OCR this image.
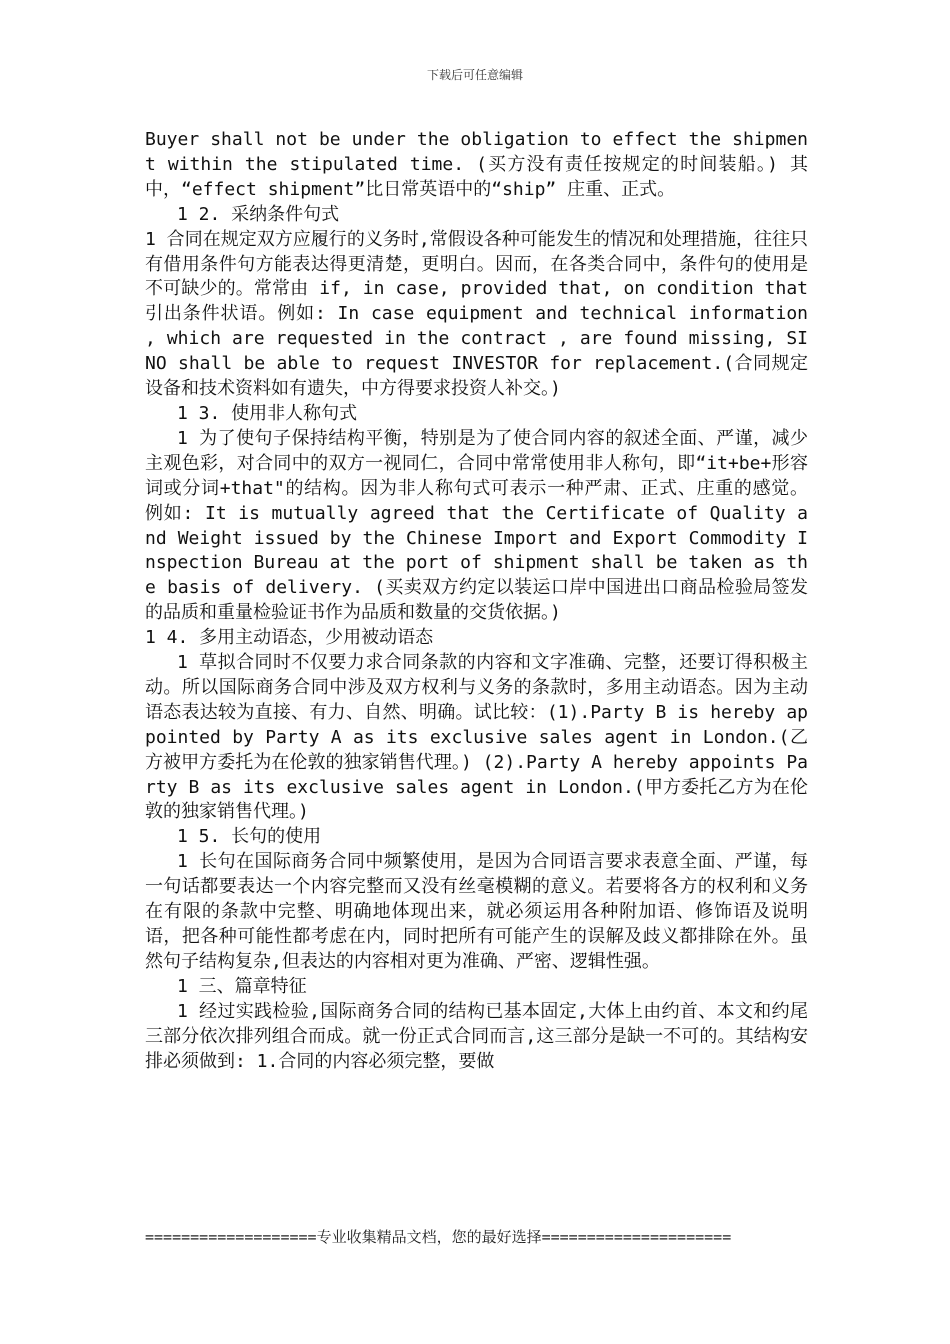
下载后可任意编辑

Buyer shall not be under the obligation to effect the shipment within the stipulated time. (买方没有责任按规定的时间装船。) 其中，“effect shipment”比日常英语中的“ship” 庄重、正式。

1 2. 采纳条件句式

1 合同在规定双方应履行的义务时,常假设各种可能发生的情况和处理措施，往往只有借用条件句方能表达得更清楚，更明白。因而，在各类合同中，条件句的使用是不可缺少的。常常由 if, in case, provided that, on condition that引出条件状语。例如: In case equipment and technical information , which are requested in the contract , are found missing, SINO shall be able to request INVESTOR for replacement.(合同规定设备和技术资料如有遗失，中方得要求投资人补交。)

1 3. 使用非人称句式

1 为了使句子保持结构平衡，特别是为了使合同内容的叙述全面、严谨，减少主观色彩，对合同中的双方一视同仁，合同中常常使用非人称句，即“it+be+形容词或分词+that"的结构。因为非人称句式可表示一种严肃、正式、庄重的感觉。 例如: It is mutually agreed that the Certificate of Quality and Weight issued by the Chinese Import and Export Commodity Inspection Bureau at the port of shipment shall be taken as the basis of delivery. (买卖双方约定以装运口岸中国进出口商品检验局签发的品质和重量检验证书作为品质和数量的交货依据。)

1 4. 多用主动语态，少用被动语态

1 草拟合同时不仅要力求合同条款的内容和文字准确、完整，还要订得积极主动。所以国际商务合同中涉及双方权利与义务的条款时，多用主动语态。因为主动语态表达较为直接、有力、自然、明确。试比较：(1).Party B is hereby appointed by Party A as its exclusive sales agent in London.(乙方被甲方委托为在伦敦的独家销售代理。) (2).Party A hereby appoints Party B as its exclusive sales agent in London.(甲方委托乙方为在伦敦的独家销售代理。)

1 5. 长句的使用

1 长句在国际商务合同中频繁使用，是因为合同语言要求表意全面、严谨，每一句话都要表达一个内容完整而又没有丝毫模糊的意义。若要将各方的权利和义务在有限的条款中完整、明确地体现出来，就必须运用各种附加语、修饰语及说明语，把各种可能性都考虑在内，同时把所有可能产生的误解及歧义都排除在外。虽然句子结构复杂,但表达的内容相对更为准确、严密、逻辑性强。

1 三、篇章特征

1 经过实践检验,国际商务合同的结构已基本固定,大体上由约首、本文和约尾三部分依次排列组合而成。就一份正式合同而言,这三部分是缺一不可的。其结构安排必须做到: 1.合同的内容必须完整，要做

===================专业收集精品文档，您的最好选择=====================
